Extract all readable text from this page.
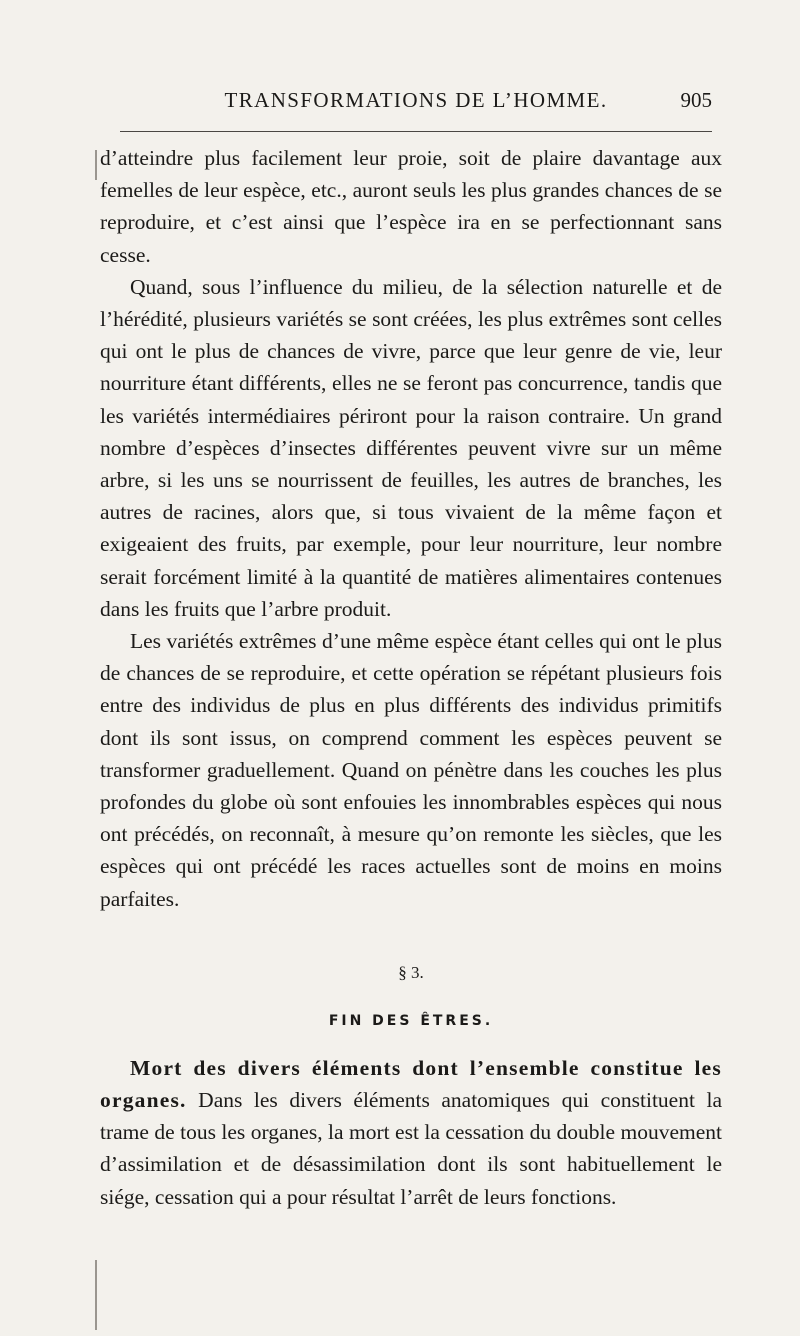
TRANSFORMATIONS DE L’HOMME.	905

d’atteindre plus facilement leur proie, soit de plaire davantage aux femelles de leur espèce, etc., auront seuls les plus grandes chances de se reproduire, et c’est ainsi que l’espèce ira en se perfectionnant sans cesse.

Quand, sous l’influence du milieu, de la sélection naturelle et de l’hérédité, plusieurs variétés se sont créées, les plus extrêmes sont celles qui ont le plus de chances de vivre, parce que leur genre de vie, leur nourriture étant différents, elles ne se feront pas concurrence, tandis que les variétés intermédiaires périront pour la raison contraire. Un grand nombre d’espèces d’insectes différentes peuvent vivre sur un même arbre, si les uns se nourrissent de feuilles, les autres de branches, les autres de racines, alors que, si tous vivaient de la même façon et exigeaient des fruits, par exemple, pour leur nourriture, leur nombre serait forcément limité à la quantité de matières alimentaires contenues dans les fruits que l’arbre produit.

Les variétés extrêmes d’une même espèce étant celles qui ont le plus de chances de se reproduire, et cette opération se répétant plusieurs fois entre des individus de plus en plus différents des individus primitifs dont ils sont issus, on comprend comment les espèces peuvent se transformer graduellement. Quand on pénètre dans les couches les plus profondes du globe où sont enfouies les innombrables espèces qui nous ont précédés, on reconnaît, à mesure qu’on remonte les siècles, que les espèces qui ont précédé les races actuelles sont de moins en moins parfaites.

§ 3.

FIN DES ÊTRES.

Mort des divers éléments dont l’ensemble constitue les organes. Dans les divers éléments anatomiques qui constituent la trame de tous les organes, la mort est la cessation du double mouvement d’assimilation et de désassimilation dont ils sont habituellement le siége, cessation qui a pour résultat l’arrêt de leurs fonctions.
